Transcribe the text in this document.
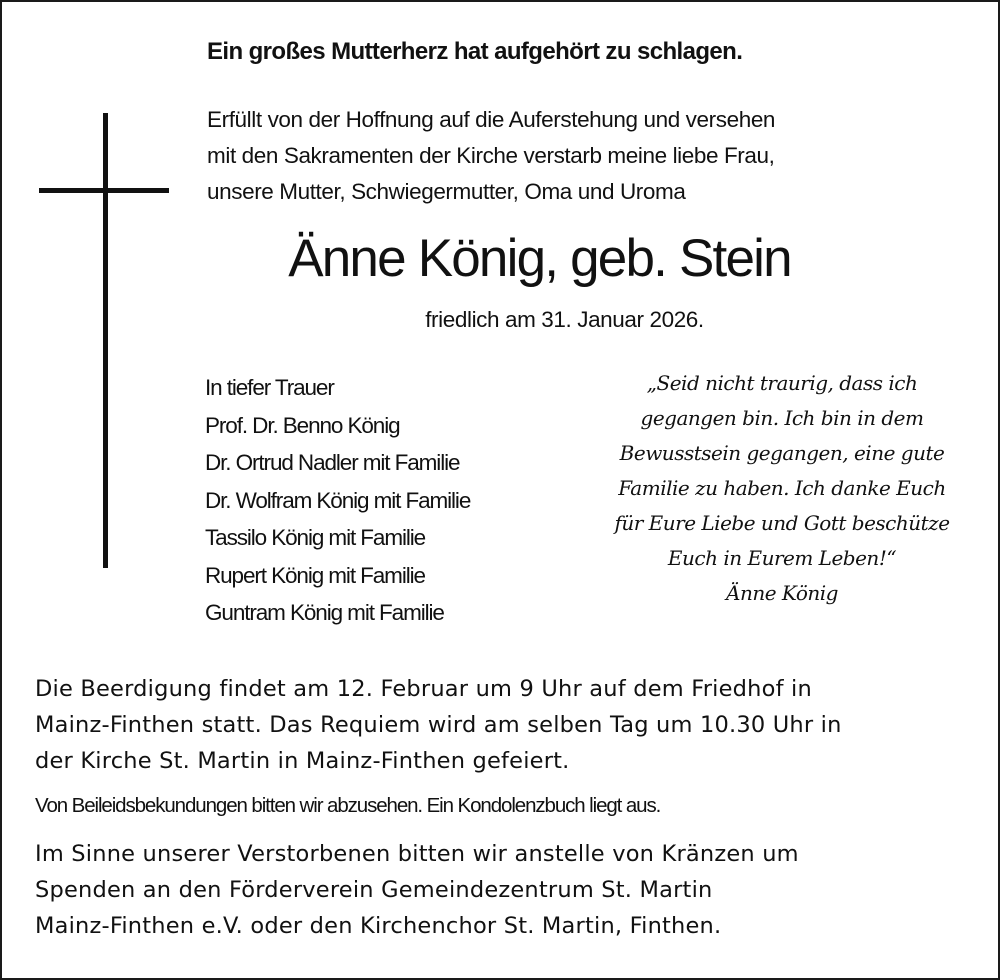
Ein großes Mutterherz hat aufgehört zu schlagen.
Erfüllt von der Hoffnung auf die Auferstehung und versehen
mit den Sakramenten der Kirche verstarb meine liebe Frau,
unsere Mutter, Schwiegermutter, Oma und Uroma
Änne König, geb. Stein
friedlich am 31. Januar 2026.
In tiefer Trauer
Prof. Dr. Benno König
Dr. Ortrud Nadler mit Familie
Dr. Wolfram König mit Familie
Tassilo König mit Familie
Rupert König mit Familie
Guntram König mit Familie
„Seid nicht traurig, dass ich
gegangen bin. Ich bin in dem
Bewusstsein gegangen, eine gute
Familie zu haben. Ich danke Euch
für Eure Liebe und Gott beschütze
Euch in Eurem Leben!“
Änne König
Die Beerdigung findet am 12. Februar um 9 Uhr auf dem Friedhof in
Mainz-Finthen statt. Das Requiem wird am selben Tag um 10.30 Uhr in
der Kirche St. Martin in Mainz-Finthen gefeiert.
Von Beileidsbekundungen bitten wir abzusehen. Ein Kondolenzbuch liegt aus.
Im Sinne unserer Verstorbenen bitten wir anstelle von Kränzen um
Spenden an den Förderverein Gemeindezentrum St. Martin
Mainz-Finthen e.V. oder den Kirchenchor St. Martin, Finthen.
